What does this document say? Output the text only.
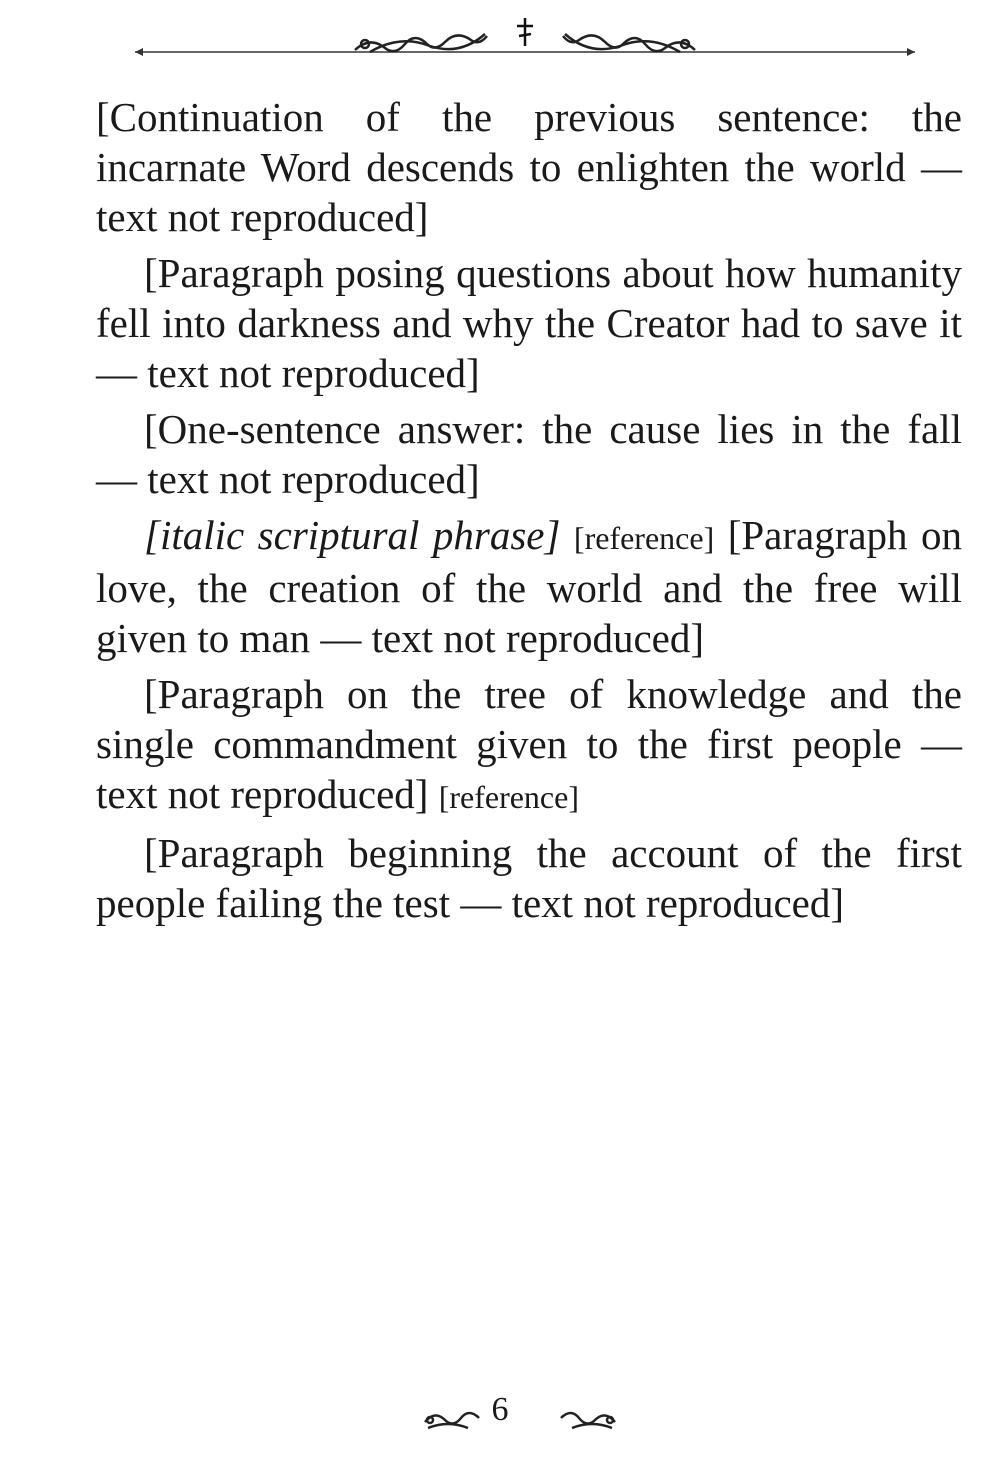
[Continuation of the previous sentence: the incarnate Word descends to enlighten the world — text not reproduced]

[Paragraph posing questions about how humanity fell into darkness and why the Creator had to save it — text not reproduced]

[One-sentence answer: the cause lies in the fall — text not reproduced]

[italic scriptural phrase] [reference] [Paragraph on love, the creation of the world and the free will given to man — text not reproduced]

[Paragraph on the tree of knowledge and the single commandment given to the first people — text not reproduced] [reference]

[Paragraph beginning the account of the first people failing the test — text not reproduced]

6
